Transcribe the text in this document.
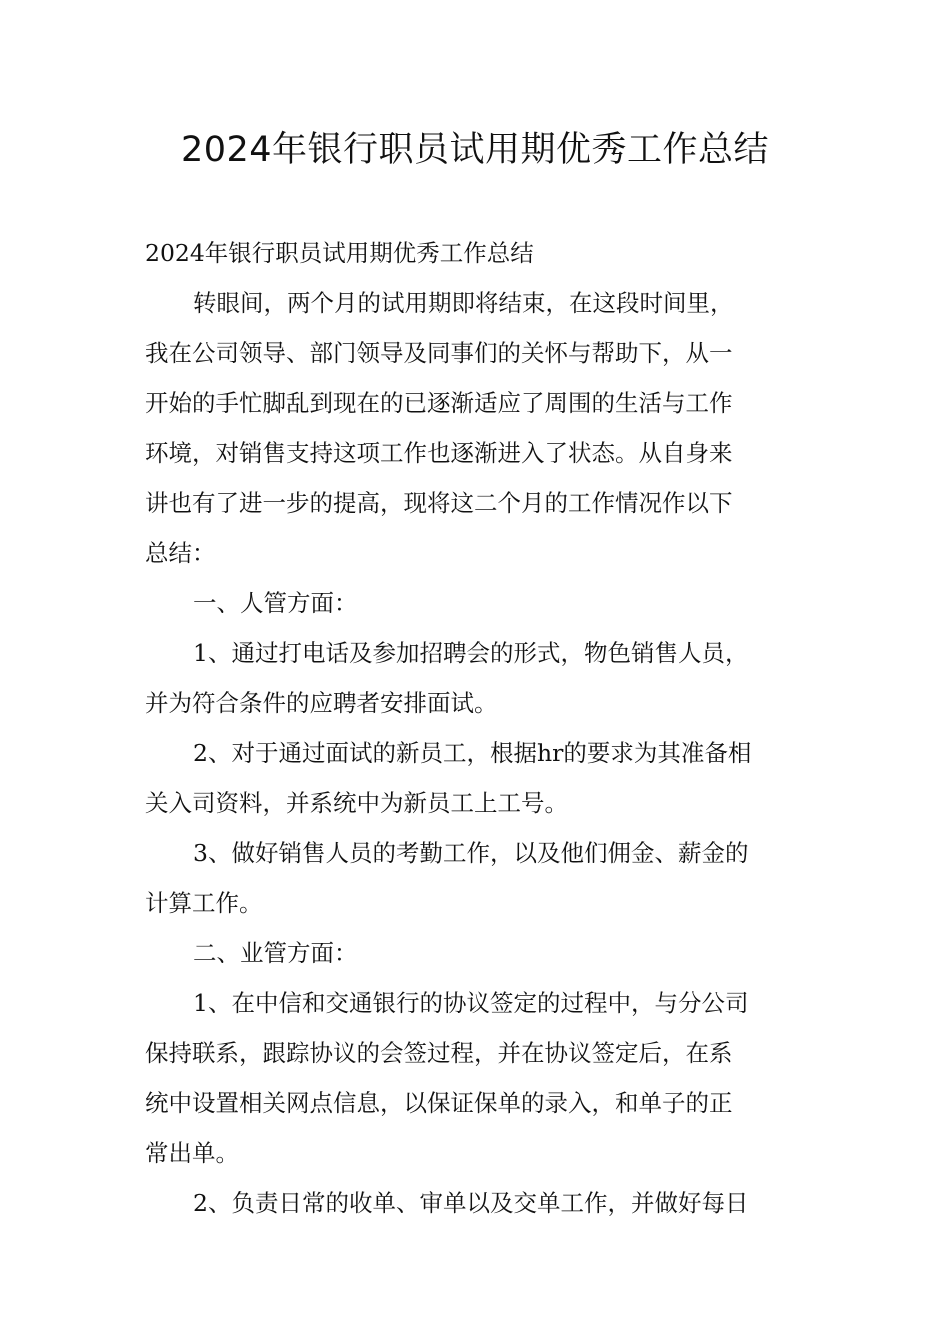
2024年银行职员试用期优秀工作总结

2024年银行职员试用期优秀工作总结

转眼间，两个月的试用期即将结束，在这段时间里，

我在公司领导、部门领导及同事们的关怀与帮助下，从一

开始的手忙脚乱到现在的已逐渐适应了周围的生活与工作

环境，对销售支持这项工作也逐渐进入了状态。从自身来

讲也有了进一步的提高，现将这二个月的工作情况作以下

总结：

一、人管方面：

1、通过打电话及参加招聘会的形式，物色销售人员，

并为符合条件的应聘者安排面试。

2、对于通过面试的新员工，根据hr的要求为其准备相

关入司资料，并系统中为新员工上工号。

3、做好销售人员的考勤工作，以及他们佣金、薪金的

计算工作。

二、业管方面：

1、在中信和交通银行的协议签定的过程中，与分公司

保持联系，跟踪协议的会签过程，并在协议签定后，在系

统中设置相关网点信息，以保证保单的录入，和单子的正

常出单。

2、负责日常的收单、审单以及交单工作，并做好每日
